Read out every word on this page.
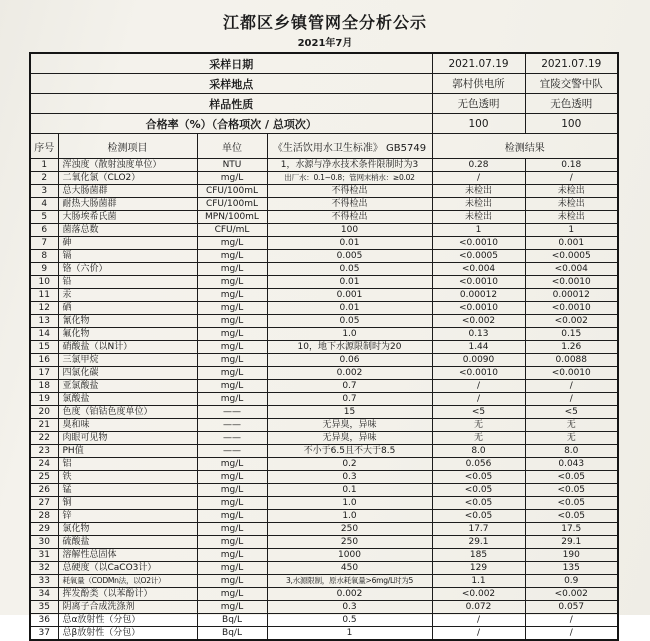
江都区乡镇管网全分析公示
2021年7月
采样日期				2021.07.19	2021.07.19
采样地点				郭村供电所	宜陵交警中队
样品性质				无色透明	无色透明
合格率（%）（合格项次 / 总项次）				100	100
序号	检测项目	单位	《生活饮用水卫生标准》 GB5749	检测结果	
1	浑浊度（散射浊度单位）	NTU	1，水源与净水技术条件限制时为3	0.28	0.18
2	二氧化氯（CLO2）	mg/L	出厂水：0.1~0.8；管网末梢水：≥0.02	/	/
3	总大肠菌群	CFU/100mL	不得检出	未检出	未检出
4	耐热大肠菌群	CFU/100mL	不得检出	未检出	未检出
5	大肠埃希氏菌	MPN/100mL	不得检出	未检出	未检出
6	菌落总数	CFU/mL	100	1	1
7	砷	mg/L	0.01	<0.0010	0.001
8	镉	mg/L	0.005	<0.0005	<0.0005
9	铬（六价）	mg/L	0.05	<0.004	<0.004
10	铅	mg/L	0.01	<0.0010	<0.0010
11	汞	mg/L	0.001	0.00012	0.00012
12	硒	mg/L	0.01	<0.0010	<0.0010
13	氰化物	mg/L	0.05	<0.002	<0.002
14	氟化物	mg/L	1.0	0.13	0.15
15	硝酸盐（以N计）	mg/L	10，地下水源限制时为20	1.44	1.26
16	三氯甲烷	mg/L	0.06	0.0090	0.0088
17	四氯化碳	mg/L	0.002	<0.0010	<0.0010
18	亚氯酸盐	mg/L	0.7	/	/
19	氯酸盐	mg/L	0.7	/	/
20	色度（铂钴色度单位）	——	15	<5	<5
21	臭和味	——	无异臭，异味	无	无
22	肉眼可见物	——	无异臭，异味	无	无
23	PH值	——	不小于6.5且不大于8.5	8.0	8.0
24	铝	mg/L	0.2	0.056	0.043
25	铁	mg/L	0.3	<0.05	<0.05
26	锰	mg/L	0.1	<0.05	<0.05
27	铜	mg/L	1.0	<0.05	<0.05
28	锌	mg/L	1.0	<0.05	<0.05
29	氯化物	mg/L	250	17.7	17.5
30	硫酸盐	mg/L	250	29.1	29.1
31	溶解性总固体	mg/L	1000	185	190
32	总硬度（以CaCO3计）	mg/L	450	129	135
33	耗氧量（CODMn法，以O2计）	mg/L	3,水源限制，原水耗氧量>6mg/L时为5	1.1	0.9
34	挥发酚类（以苯酚计）	mg/L	0.002	<0.002	<0.002
35	阴离子合成洗涤剂	mg/L	0.3	0.072	0.057
36	总α放射性（分包）	Bq/L	0.5	/	/
37	总β放射性（分包）	Bq/L	1	/	/
